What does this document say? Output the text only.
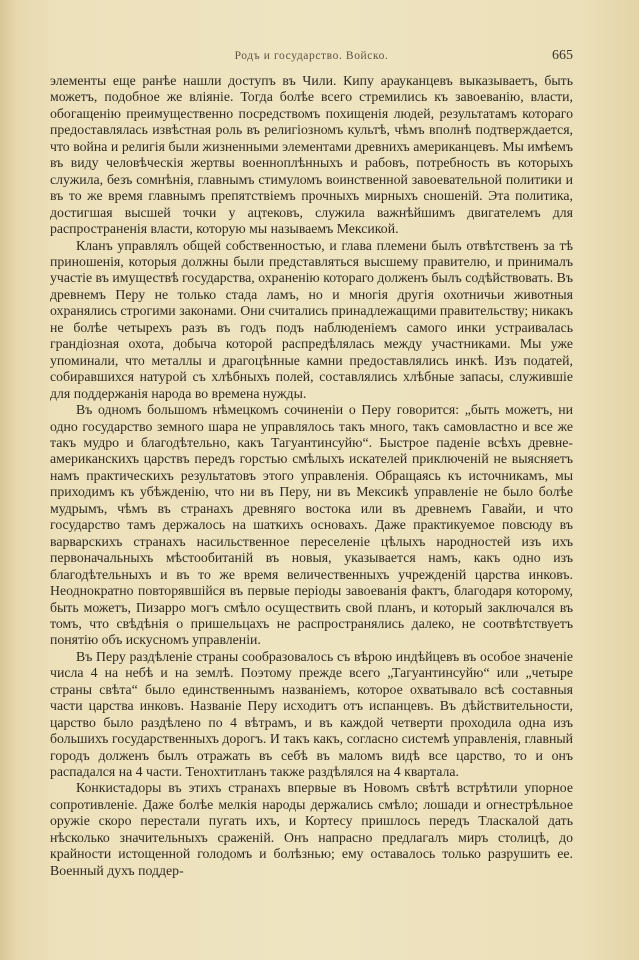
Родъ и государство. Войско.	665

элементы еще ранѣе нашли доступъ въ Чили. Кипу арауканцевъ выказываетъ, быть можетъ, подобное же вліяніе. Тогда болѣе всего стремились къ завоеванію, власти, обогащенію преимущественно посредствомъ похищенія людей, результатамъ котораго предоставлялась извѣстная роль въ религіозномъ культѣ, чѣмъ вполнѣ подтверждается, что война и религія были жизненными элементами древнихъ американцевъ. Мы имѣемъ въ виду человѣческія жертвы военноплѣнныхъ и рабовъ, потребность въ которыхъ служила, безъ сомнѣнія, главнымъ стимуломъ воинственной завоевательной политики и въ то же время главнымъ препятствіемъ прочныхъ мирныхъ сношеній. Эта политика, достигшая высшей точки у ацтековъ, служила важнѣйшимъ двигателемъ для распространенія власти, которую мы называемъ Мексикой.

Кланъ управлялъ общей собственностью, и глава племени былъ отвѣтственъ за тѣ приношенія, которыя должны были представляться высшему правителю, и принималъ участіе въ имуществѣ государства, охраненію котораго долженъ былъ содѣйствовать. Въ древнемъ Перу не только стада ламъ, но и многія другія охотничьи животныя охранялись строгими законами. Они считались принадлежащими правительству; никакъ не болѣе четырехъ разъ въ годъ подъ наблюденіемъ самого инки устраивалась грандіозная охота, добыча которой распредѣлялась между участниками. Мы уже упоминали, что металлы и драгоцѣнные камни предоставлялись инкѣ. Изъ податей, собиравшихся натурой съ хлѣбныхъ полей, составлялись хлѣбные запасы, служившіе для поддержанія народа во времена нужды.

Въ одномъ большомъ нѣмецкомъ сочиненіи о Перу говорится: „быть можетъ, ни одно государство земного шара не управлялось такъ много, такъ самовластно и все же такъ мудро и благодѣтельно, какъ Тагуантинсуйю“. Быстрое паденіе всѣхъ древне-американскихъ царствъ передъ горстью смѣлыхъ искателей приключеній не выясняетъ намъ практическихъ результатовъ этого управленія. Обращаясь къ источникамъ, мы приходимъ къ убѣжденію, что ни въ Перу, ни въ Мексикѣ управленіе не было болѣе мудрымъ, чѣмъ въ странахъ древняго востока или въ древнемъ Гавайи, и что государство тамъ держалось на шаткихъ основахъ. Даже практикуемое повсюду въ варварскихъ странахъ насильственное переселеніе цѣлыхъ народностей изъ ихъ первоначальныхъ мѣстообитаній въ новыя, указывается намъ, какъ одно изъ благодѣтельныхъ и въ то же время величественныхъ учрежденій царства инковъ. Неоднократно повторявшійся въ первые періоды завоеванія фактъ, благодаря которому, быть можетъ, Пизарро могъ смѣло осуществить свой планъ, и который заключался въ томъ, что свѣдѣнія о пришельцахъ не распространялись далеко, не соотвѣтствуетъ понятію объ искусномъ управленіи.

Въ Перу раздѣленіе страны сообразовалось съ вѣрою индѣйцевъ въ особое значеніе числа 4 на небѣ и на землѣ. Поэтому прежде всего „Тагуантинсуйю“ или „четыре страны свѣта“ было единственнымъ названіемъ, которое охватывало всѣ составныя части царства инковъ. Названіе Перу исходитъ отъ испанцевъ. Въ дѣйствительности, царство было раздѣлено по 4 вѣтрамъ, и въ каждой четверти проходила одна изъ большихъ государственныхъ дорогъ. И такъ какъ, согласно системѣ управленія, главный городъ долженъ былъ отражать въ себѣ въ маломъ видѣ все царство, то и онъ распадался на 4 части. Тенохтитланъ также раздѣлялся на 4 квартала.

Конкистадоры въ этихъ странахъ впервые въ Новомъ свѣтѣ встрѣтили упорное сопротивленіе. Даже болѣе мелкія народы держались смѣло; лошади и огнестрѣльное оружіе скоро перестали пугать ихъ, и Кортесу пришлось передъ Тласкалой дать нѣсколько значительныхъ сраженій. Онъ напрасно предлагалъ миръ столицѣ, до крайности истощенной голодомъ и болѣзнью; ему оставалось только разрушить ее. Военный духъ поддер-
